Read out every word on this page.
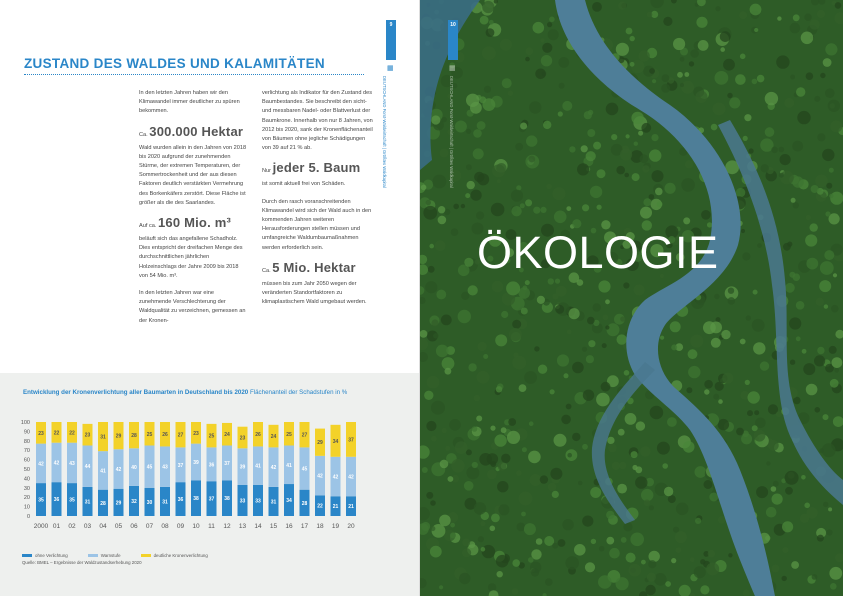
ZUSTAND DES WALDES UND KALAMITÄTEN

In den letzten Jahren haben wir den Klimawandel immer deutlicher zu spüren bekommen.

Ca. 300.000 Hektar

Wald wurden allein in den Jahren von 2018 bis 2020 aufgrund der zunehmenden Stürme, der extremen Temperaturen, der Sommertrockenheit und der aus diesen Faktoren deutlich verstärkten Vermehrung des Borkenkäfers zerstört. Diese Fläche ist größer als die des Saarlandes.

Auf ca. 160 Mio. m³

beläuft sich das angefallene Schadholz. Dies entspricht der dreifachen Menge des durchschnittlichen jährlichen Holzeinschlags der Jahre 2009 bis 2018 von 54 Mio. m³.

In den letzten Jahren war eine zunehmende Verschlechterung der Waldqualität zu verzeichnen, gemessen an der Kronen-

verlichtung als Indikator für den Zustand des Baumbestandes. Sie beschreibt den sicht- und messbaren Nadel- oder Blattverlust der Baumkrone. Innerhalb von nur 8 Jahren, von 2012 bis 2020, sank der Kronenflächenanteil von Bäumen ohne jegliche Schädigungen von 39 auf 21 % ab.

Nur jeder 5. Baum

ist somit aktuell frei von Schäden.

Durch den rasch voranschreitenden Klimawandel wird sich der Wald auch in den kommenden Jahren weiteren Herausforderungen stellen müssen und umfangreiche Waldumbaumaßnahmen werden erforderlich sein.

Ca. 5 Mio. Hektar

müssen bis zum Jahr 2050 wegen der veränderten Standortfaktoren zu klimaplastischem Wald umgebaut werden.

9
▦
DEUTSCHLAND Forst-Waldwirtschaft | Größtes Waldkapital
Entwicklung der Kronenverlichtung aller Baumarten in Deutschland bis 2020 Flächenanteil der Schadstufen in %
0
10
20
30
40
50
60
70
80
90
100
35
42
23
2000
36
42
22
01
35
43
22
02
31
44
23
03
28
41
31
04
29
42
29
05
32
40
28
06
30
45
25
07
31
43
26
08
36
37
27
09
38
39
23
10
37
36
25
11
38
37
24
12
33
39
23
13
33
41
26
14
31
42
24
15
34
41
25
16
28
45
27
17
22
42
29
18
21
42
34
19
21
42
37
20
ohne Verlichtung	Warnstufe	deutliche Kronenverlichtung
Quelle: BMEL – Ergebnisse der Waldzustandserhebung 2020
10
▦
DEUTSCHLAND Forst-Waldwirtschaft | Größtes Waldkapital
ÖKOLOGIE
